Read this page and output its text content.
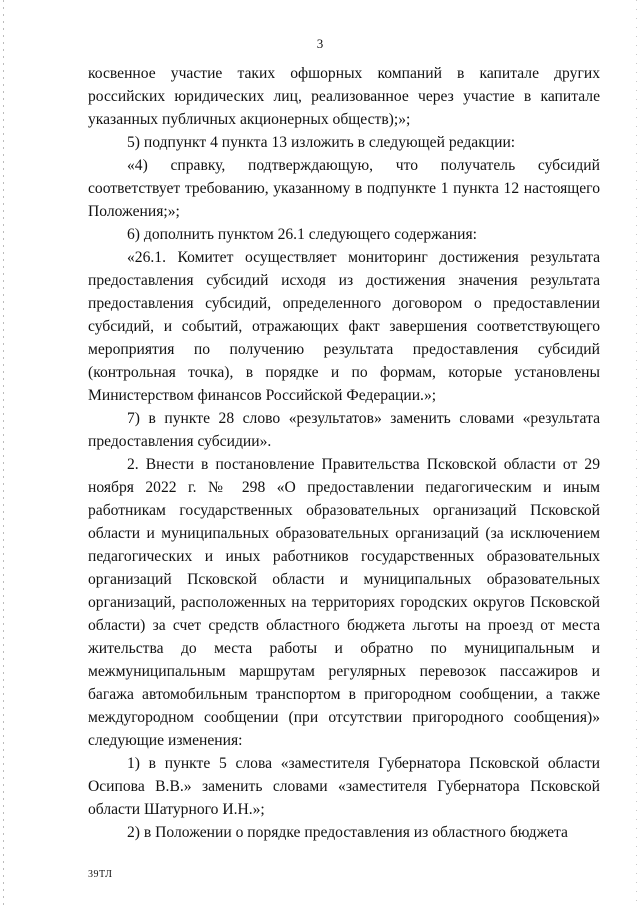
3

косвенное участие таких офшорных компаний в капитале других российских юридических лиц, реализованное через участие в капитале указанных публичных акционерных обществ);»;

5) подпункт 4 пункта 13 изложить в следующей редакции:

«4) справку, подтверждающую, что получатель субсидий соответствует требованию, указанному в подпункте 1 пункта 12 настоящего Положения;»;

6) дополнить пунктом 26.1 следующего содержания:

«26.1. Комитет осуществляет мониторинг достижения результата предоставления субсидий исходя из достижения значения результата предоставления субсидий, определенного договором о предоставлении субсидий, и событий, отражающих факт завершения соответствующего мероприятия по получению результата предоставления субсидий (контрольная точка), в порядке и по формам, которые установлены Министерством финансов Российской Федерации.»;

7) в пункте 28 слово «результатов» заменить словами «результата предоставления субсидии».

2. Внести в постановление Правительства Псковской области от 29 ноября 2022 г. № 298 «О предоставлении педагогическим и иным работникам государственных образовательных организаций Псковской области и муниципальных образовательных организаций (за исключением педагогических и иных работников государственных образовательных организаций Псковской области и муниципальных образовательных организаций, расположенных на территориях городских округов Псковской области) за счет средств областного бюджета льготы на проезд от места жительства до места работы и обратно по муниципальным и межмуниципальным маршрутам регулярных перевозок пассажиров и багажа автомобильным транспортом в пригородном сообщении, а также междугородном сообщении (при отсутствии пригородного сообщения)» следующие изменения:

1) в пункте 5 слова «заместителя Губернатора Псковской области Осипова В.В.» заменить словами «заместителя Губернатора Псковской области Шатурного И.Н.»;

2) в Положении о порядке предоставления из областного бюджета

39ТЛ
